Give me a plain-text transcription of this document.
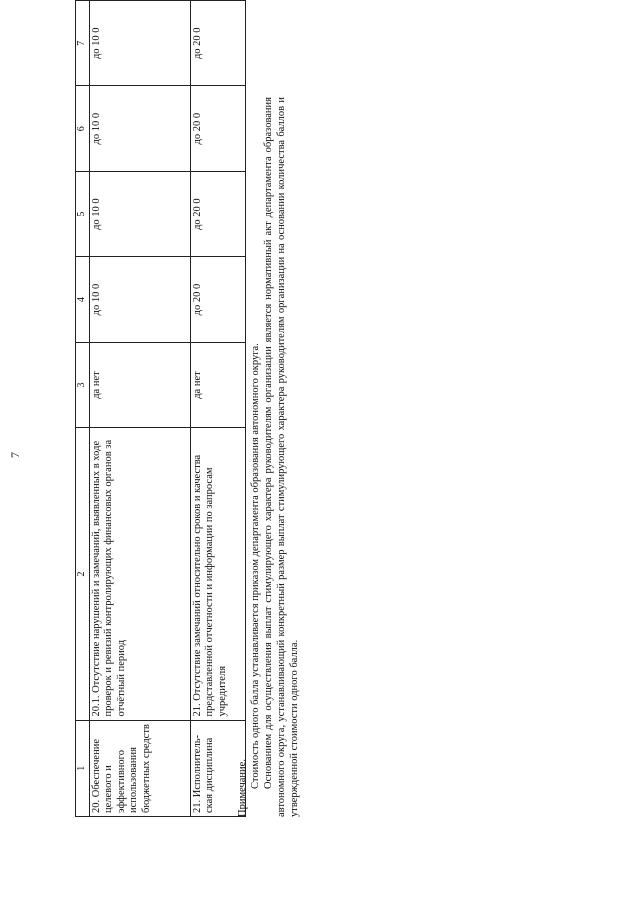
7
1	2	3	4	5	6	7
20. Обеспечение целевого и эффективного использования бюджетных средств	20.1. Отсутствие нарушений и замечаний, выявленных в ходе проверок и ревизий контролирующих финансовых органов за отчётный период	да нет	до 10 0	до 10 0	до 10 0	до 10 0
21. Исполнитель-ская дисциплина	21. Отсутствие замечаний относительно сроков и качества представленной отчетности и информации по запросам учредителя	да нет	до 20 0	до 20 0	до 20 0	до 20 0

Примечание. Стоимость одного балла устанавливается приказом департамента образования автономного округа. Основанием для осуществления выплат стимулирующего характера руководителям организации является нормативный акт департамента образования автономного округа, устанавливающий конкретный размер выплат стимулирующего характера руководителям организации на основании количества баллов и утвержденной стоимости одного балла.
